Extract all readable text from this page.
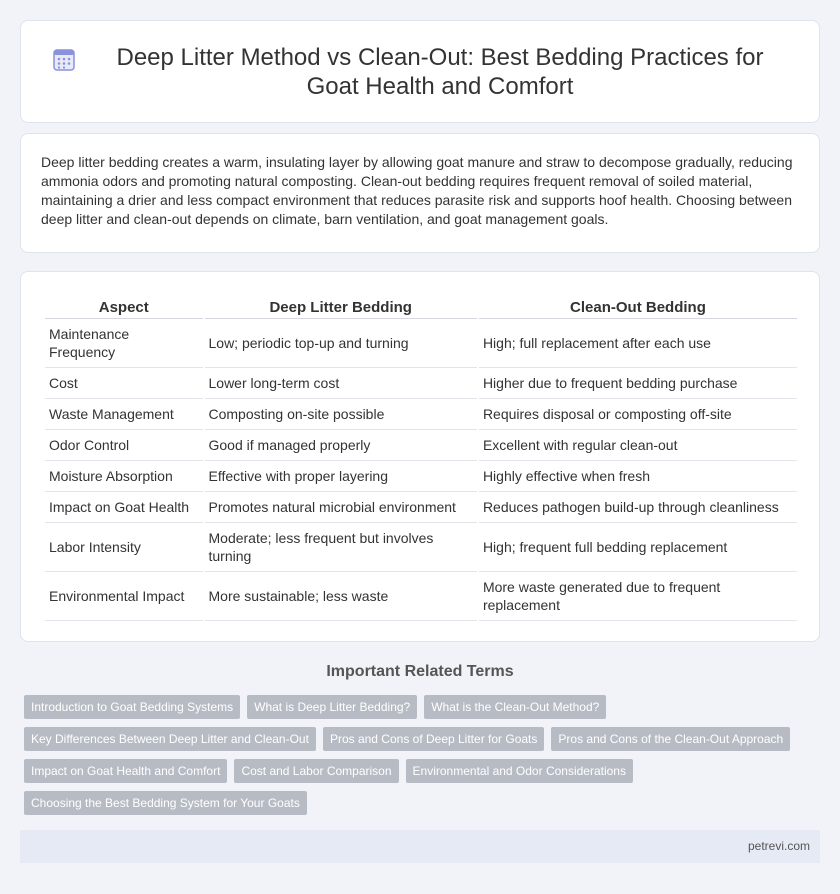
Deep Litter Method vs Clean-Out: Best Bedding Practices for Goat Health and Comfort

Deep litter bedding creates a warm, insulating layer by allowing goat manure and straw to decompose gradually, reducing ammonia odors and promoting natural composting. Clean-out bedding requires frequent removal of soiled material, maintaining a drier and less compact environment that reduces parasite risk and supports hoof health. Choosing between deep litter and clean-out depends on climate, barn ventilation, and goat management goals.

Aspect	Deep Litter Bedding	Clean-Out Bedding
Maintenance Frequency	Low; periodic top-up and turning	High; full replacement after each use
Cost	Lower long-term cost	Higher due to frequent bedding purchase
Waste Management	Composting on-site possible	Requires disposal or composting off-site
Odor Control	Good if managed properly	Excellent with regular clean-out
Moisture Absorption	Effective with proper layering	Highly effective when fresh
Impact on Goat Health	Promotes natural microbial environment	Reduces pathogen build-up through cleanliness
Labor Intensity	Moderate; less frequent but involves turning	High; frequent full bedding replacement
Environmental Impact	More sustainable; less waste	More waste generated due to frequent replacement
Important Related Terms
Introduction to Goat Bedding Systems	What is Deep Litter Bedding?	What is the Clean-Out Method?
Key Differences Between Deep Litter and Clean-Out	Pros and Cons of Deep Litter for Goats	Pros and Cons of the Clean-Out Approach
Impact on Goat Health and Comfort	Cost and Labor Comparison	Environmental and Odor Considerations
Choosing the Best Bedding System for Your Goats
petrevi.com
